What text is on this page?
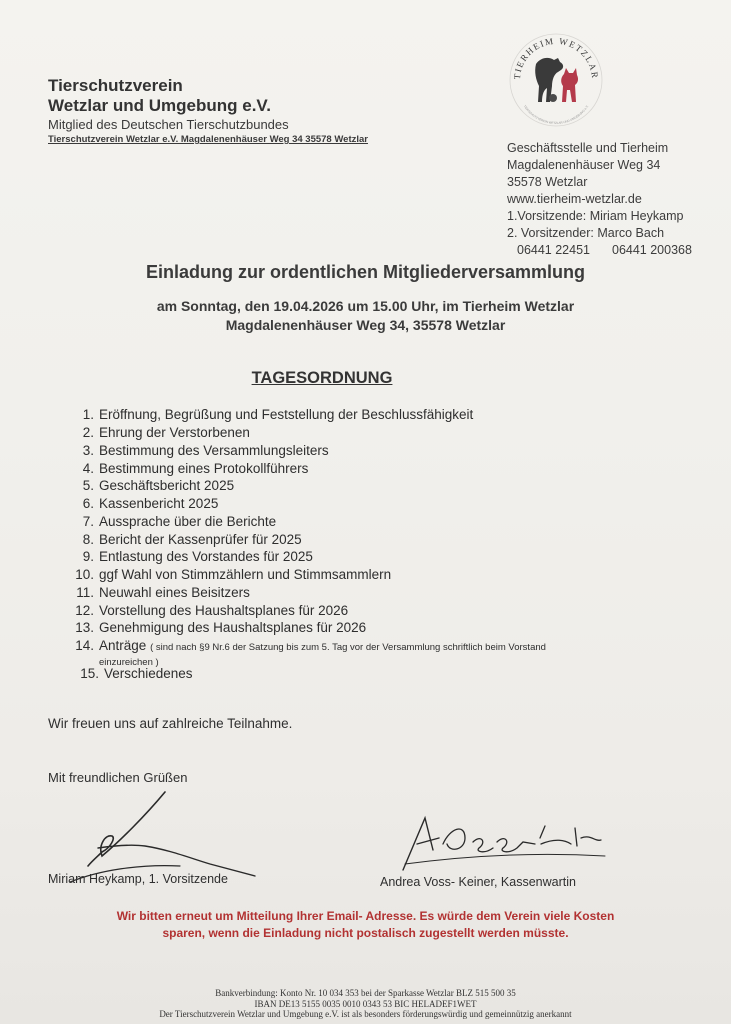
Tierschutzverein
Wetzlar und Umgebung e.V.
Mitglied des Deutschen Tierschutzbundes
Tierschutzverein Wetzlar e.V. Magdalenenhäuser Weg 34 35578 Wetzlar
TIERHEIM WETZLAR
TIERSCHUTZVEREIN WETZLAR UND UMGEBUNG e.V.
Geschäftsstelle und Tierheim
Magdalenenhäuser Weg 34
35578 Wetzlar
www.tierheim-wetzlar.de
1.Vorsitzende: Miriam Heykamp
2. Vorsitzender: Marco Bach
06441 22451 06441 200368
Einladung zur ordentlichen Mitgliederversammlung
am Sonntag, den 19.04.2026 um 15.00 Uhr, im Tierheim Wetzlar
Magdalenenhäuser Weg 34, 35578 Wetzlar
TAGESORDNUNG
1. Eröffnung, Begrüßung und Feststellung der Beschlussfähigkeit
2. Ehrung der Verstorbenen
3. Bestimmung des Versammlungsleiters
4. Bestimmung eines Protokollführers
5. Geschäftsbericht 2025
6. Kassenbericht 2025
7. Aussprache über die Berichte
8. Bericht der Kassenprüfer für 2025
9. Entlastung des Vorstandes für 2025
10. ggf Wahl von Stimmzählern und Stimmsammlern
11. Neuwahl eines Beisitzers
12. Vorstellung des Haushaltsplanes für 2026
13. Genehmigung des Haushaltsplanes für 2026
14. Anträge ( sind nach §9 Nr.6 der Satzung bis zum 5. Tag vor der Versammlung schriftlich beim Vorstand
einzureichen )
15. Verschiedenes
Wir freuen uns auf zahlreiche Teilnahme.
Mit freundlichen Grüßen
Miriam Heykamp, 1. Vorsitzende	Andrea Voss- Keiner, Kassenwartin
Wir bitten erneut um Mitteilung Ihrer Email- Adresse. Es würde dem Verein viele Kosten
sparen, wenn die Einladung nicht postalisch zugestellt werden müsste.
Bankverbindung: Konto Nr. 10 034 353 bei der Sparkasse Wetzlar BLZ 515 500 35
IBAN DE13 5155 0035 0010 0343 53 BIC HELADEF1WET
Der Tierschutzverein Wetzlar und Umgebung e.V. ist als besonders förderungswürdig und gemeinnützig anerkannt
